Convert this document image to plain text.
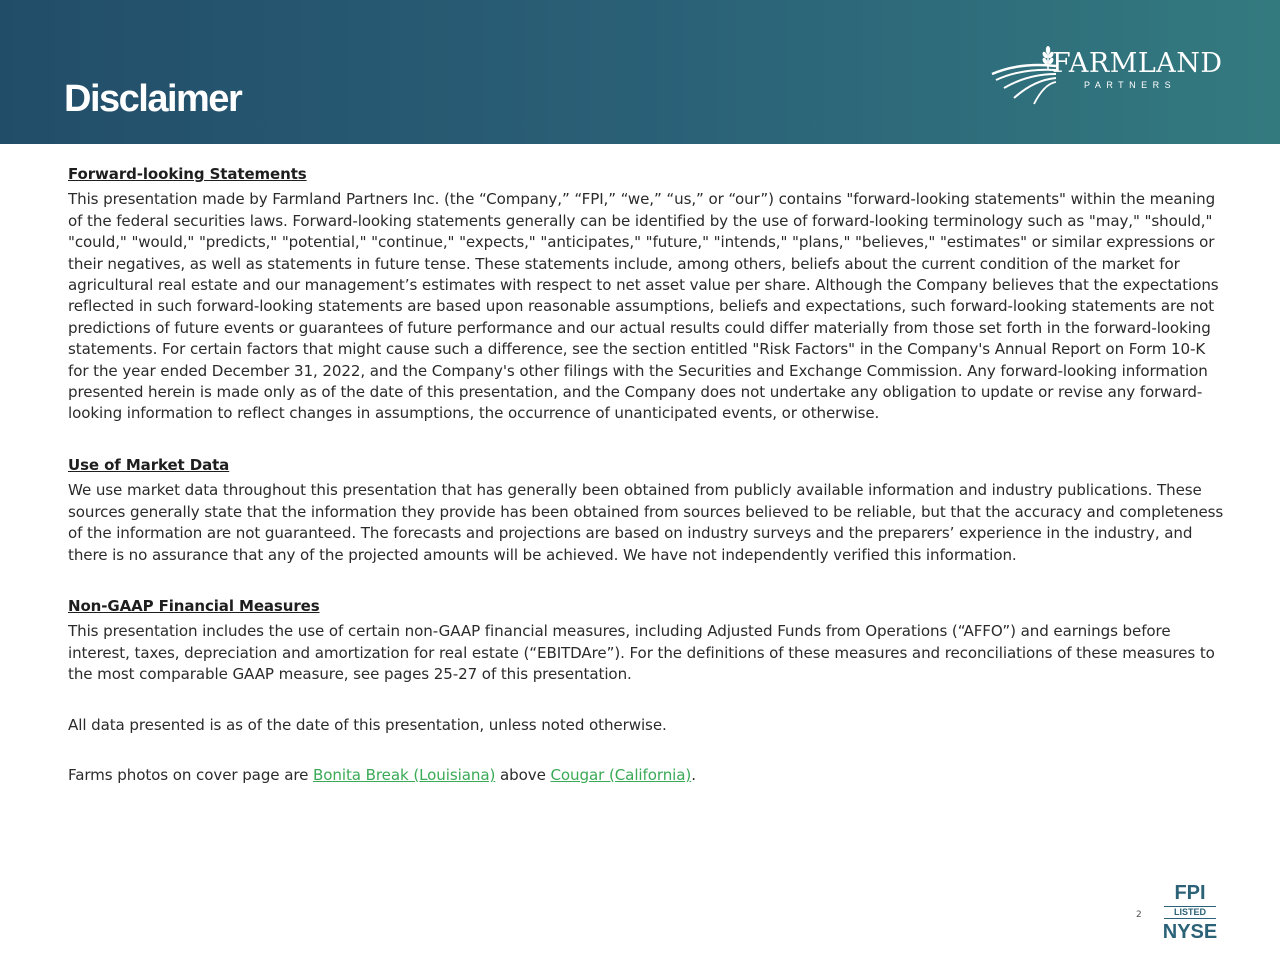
Disclaimer
FARMLAND
PARTNERS
Forward-looking Statements

This presentation made by Farmland Partners Inc. (the “Company,” “FPI,” “we,” “us,” or “our”) contains "forward-looking statements" within the meaning of the federal securities laws. Forward-looking statements generally can be identified by the use of forward-looking terminology such as "may," "should," "could," "would," "predicts," "potential," "continue," "expects," "anticipates," "future," "intends," "plans," "believes," "estimates" or similar expressions or their negatives, as well as statements in future tense. These statements include, among others, beliefs about the current condition of the market for agricultural real estate and our management’s estimates with respect to net asset value per share. Although the Company believes that the expectations reflected in such forward-looking statements are based upon reasonable assumptions, beliefs and expectations, such forward-looking statements are not predictions of future events or guarantees of future performance and our actual results could differ materially from those set forth in the forward-looking statements. For certain factors that might cause such a difference, see the section entitled "Risk Factors" in the Company's Annual Report on Form 10-K for the year ended December 31, 2022, and the Company's other filings with the Securities and Exchange Commission. Any forward-looking information presented herein is made only as of the date of this presentation, and the Company does not undertake any obligation to update or revise any forward-looking information to reflect changes in assumptions, the occurrence of unanticipated events, or otherwise.

Use of Market Data

We use market data throughout this presentation that has generally been obtained from publicly available information and industry publications. These sources generally state that the information they provide has been obtained from sources believed to be reliable, but that the accuracy and completeness of the information are not guaranteed. The forecasts and projections are based on industry surveys and the preparers’ experience in the industry, and there is no assurance that any of the projected amounts will be achieved. We have not independently verified this information.

Non-GAAP Financial Measures

This presentation includes the use of certain non-GAAP financial measures, including Adjusted Funds from Operations (“AFFO”) and earnings before interest, taxes, depreciation and amortization for real estate (“EBITDAre”). For the definitions of these measures and reconciliations of these measures to the most comparable GAAP measure, see pages 25-27 of this presentation.

All data presented is as of the date of this presentation, unless noted otherwise.

Farms photos on cover page are Bonita Break (Louisiana) above Cougar (California).

2
FPI
LISTED
NYSE
